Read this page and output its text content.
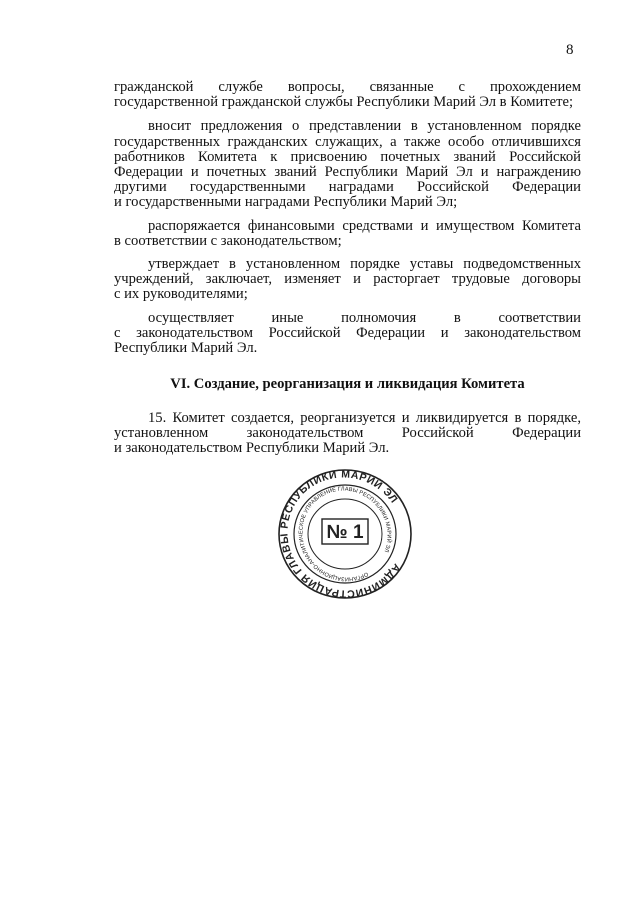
8

гражданской службе вопросы, связанные с прохождением

государственной гражданской службы Республики Марий Эл в Комитете;

вносит предложения о представлении в установленном порядке

государственных гражданских служащих, а также особо отличившихся

работников Комитета к присвоению почетных званий Российской

Федерации и почетных званий Республики Марий Эл и награждению

другими государственными наградами Российской Федерации

и государственными наградами Республики Марий Эл;

распоряжается финансовыми средствами и имуществом Комитета

в соответствии с законодательством;

утверждает в установленном порядке уставы подведомственных

учреждений, заключает, изменяет и расторгает трудовые договоры

с их руководителями;

осуществляет иные полномочия в соответствии

с законодательством Российской Федерации и законодательством

Республики Марий Эл.

VI. Создание, реорганизация и ликвидация Комитета

15. Комитет создается, реорганизуется и ликвидируется в порядке,

установленном законодательством Российской Федерации

и законодательством Республики Марий Эл.

АДМИНИСТРАЦИЯ ГЛАВЫ РЕСПУБЛИКИ МАРИЙ ЭЛ
ОРГАНИЗАЦИОННО-АНАЛИТИЧЕСКОЕ УПРАВЛЕНИЕ ГЛАВЫ РЕСПУБЛИКИ МАРИЙ ЭЛ
№ 1
